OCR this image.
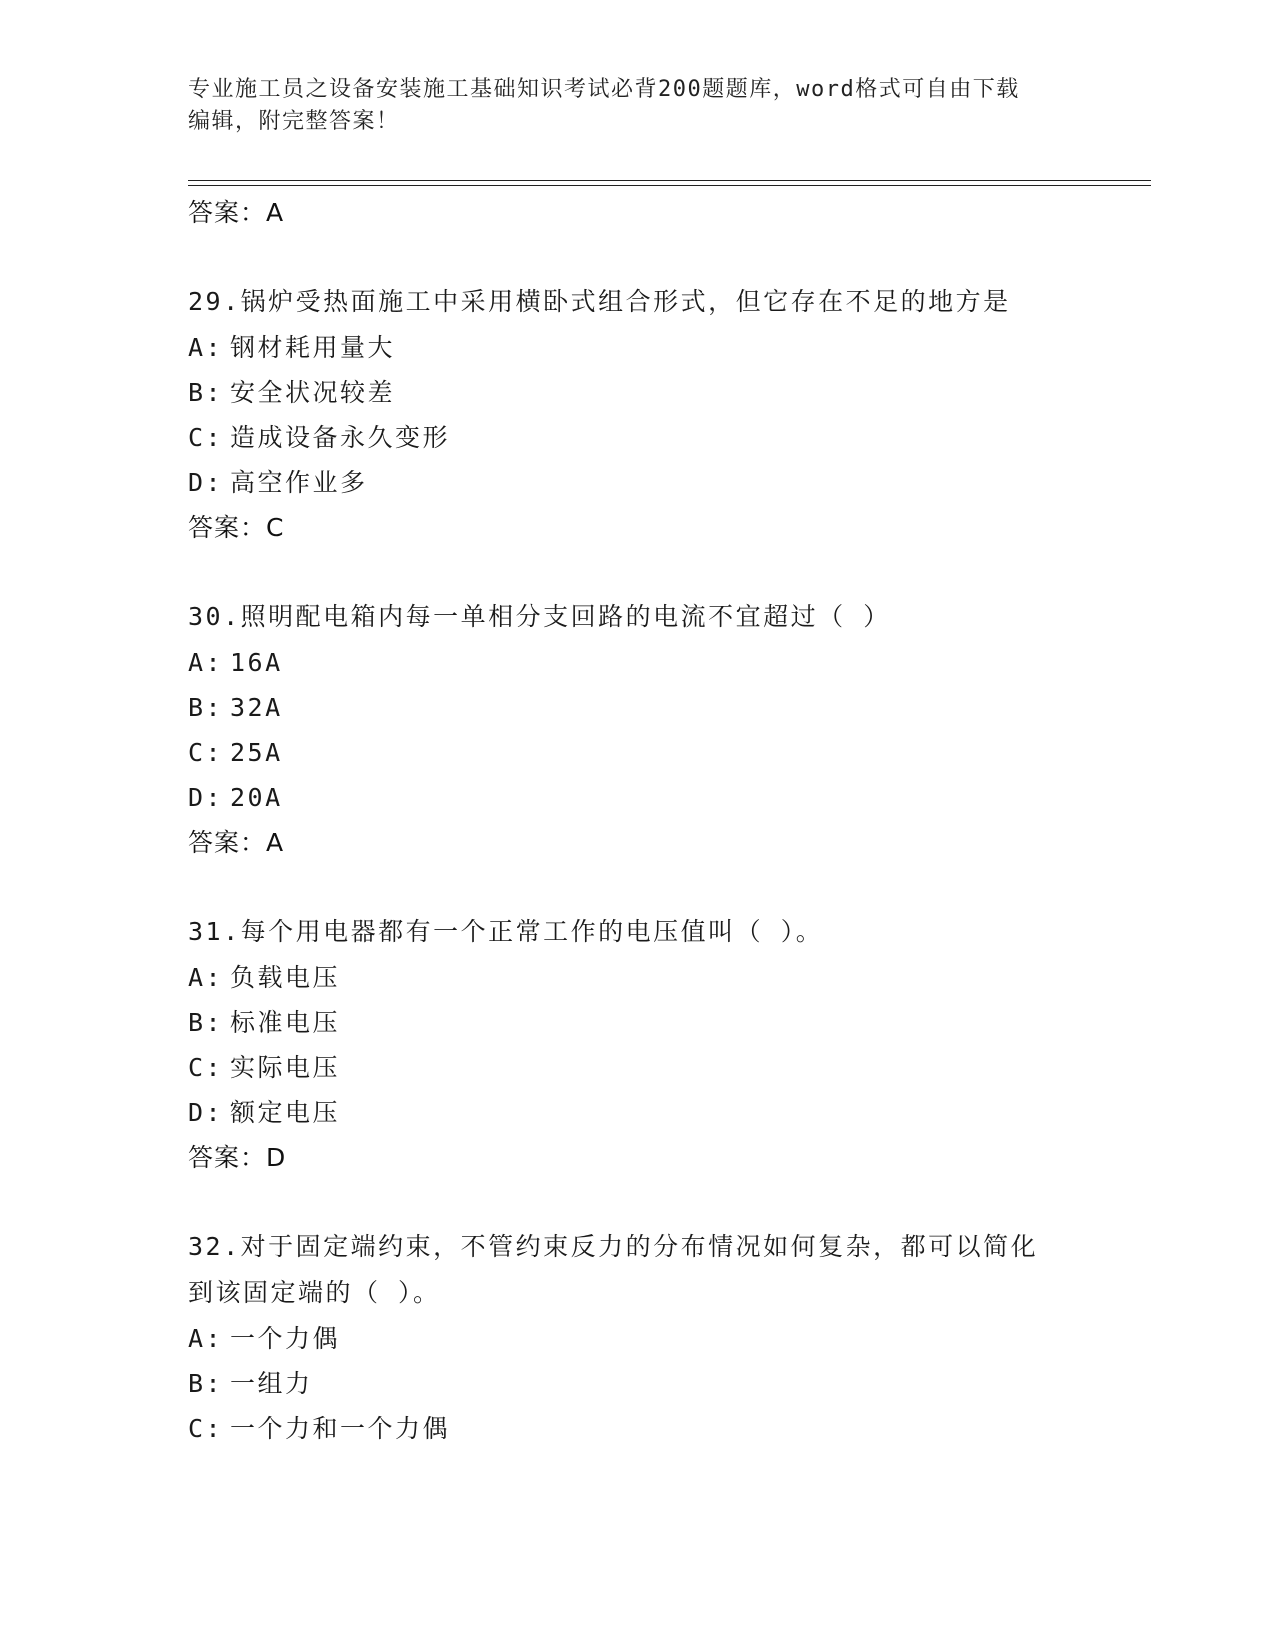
专业施工员之设备安装施工基础知识考试必背200题题库，word格式可自由下载
编辑，附完整答案！
答案：A
29.锅炉受热面施工中采用横卧式组合形式，但它存在不足的地方是
A: 钢材耗用量大
B: 安全状况较差
C: 造成设备永久变形
D: 高空作业多
答案：C
30.照明配电箱内每一单相分支回路的电流不宜超过（ ）
A: 16A
B: 32A
C: 25A
D: 20A
答案：A
31.每个用电器都有一个正常工作的电压值叫（ ）。
A: 负载电压
B: 标准电压
C: 实际电压
D: 额定电压
答案：D
32.对于固定端约束，不管约束反力的分布情况如何复杂，都可以简化
到该固定端的（ ）。
A: 一个力偶
B: 一组力
C: 一个力和一个力偶
